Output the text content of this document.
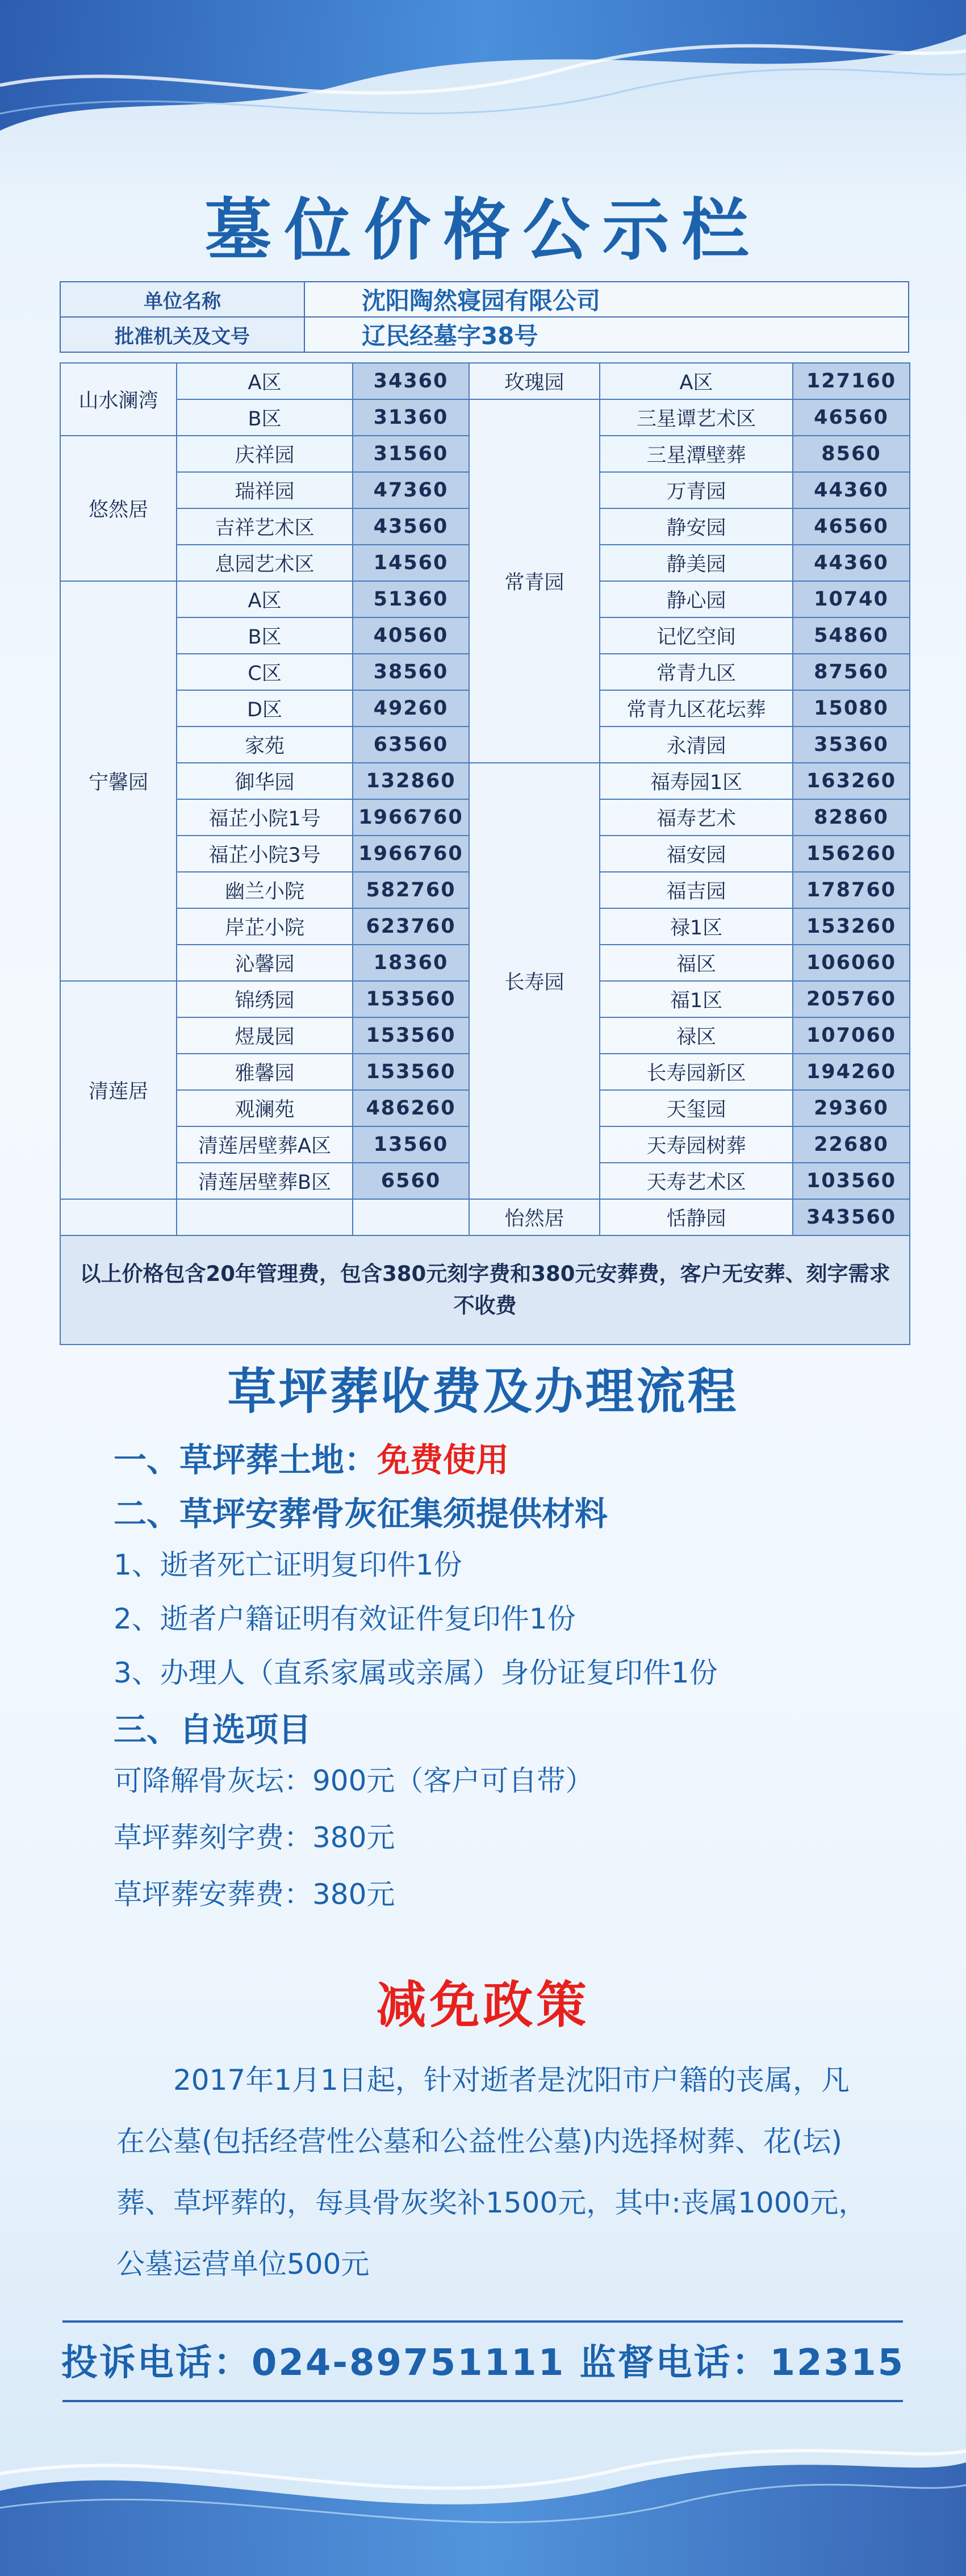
墓位价格公示栏
单位名称	沈阳陶然寝园有限公司
批准机关及文号	辽民经墓字38号
山水澜湾	A区	34360	玫瑰园	A区	127160
	B区	31360	常青园	三星谭艺术区	46560
悠然居	庆祥园	31560		三星潭壁葬	8560
	瑞祥园	47360		万青园	44360
	吉祥艺术区	43560		静安园	46560
	息园艺术区	14560		静美园	44360
宁馨园	A区	51360		静心园	10740
	B区	40560		记忆空间	54860
	C区	38560		常青九区	87560
	D区	49260		常青九区花坛葬	15080
	家苑	63560		永清园	35360
	御华园	132860	长寿园	福寿园1区	163260
	福芷小院1号	1966760		福寿艺术	82860
	福芷小院3号	1966760		福安园	156260
	幽兰小院	582760		福吉园	178760
	岸芷小院	623760		禄1区	153260
	沁馨园	18360		福区	106060
清莲居	锦绣园	153560		福1区	205760
	煜晟园	153560		禄区	107060
	雅馨园	153560		长寿园新区	194260
	观澜苑	486260		天玺园	29360
	清莲居壁葬A区	13560		天寿园树葬	22680
	清莲居壁葬B区	6560		天寿艺术区	103560
			怡然居	恬静园	343560
以上价格包含20年管理费，包含380元刻字费和380元安葬费，客户无安葬、刻字需求不收费					
草坪葬收费及办理流程
一、草坪葬土地：免费使用
二、草坪安葬骨灰征集须提供材料
1、逝者死亡证明复印件1份
2、逝者户籍证明有效证件复印件1份
3、办理人（直系家属或亲属）身份证复印件1份
三、自选项目
可降解骨灰坛：900元（客户可自带）
草坪葬刻字费：380元
草坪葬安葬费：380元
减免政策
2017年1月1日起，针对逝者是沈阳市户籍的丧属，凡在公墓(包括经营性公墓和公益性公墓)内选择树葬、花(坛)葬、草坪葬的，每具骨灰奖补1500元，其中:丧属1000元，公墓运营单位500元
投诉电话：024-89751111 监督电话：12315
